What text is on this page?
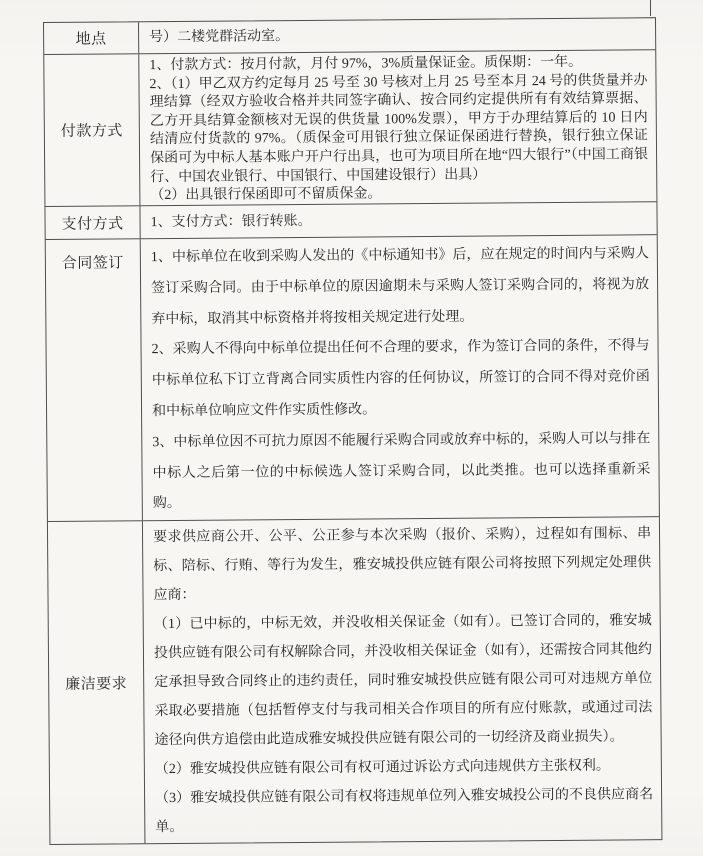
地点	号）二楼党群活动室。

付款方式

1、付款方式：按月付款，月付 97%，3%质量保证金。质保期：一年。

2、（1）甲乙双方约定每月 25 号至 30 号核对上月 25 号至本月 24 号的供货量并办理结算（经双方验收合格并共同签字确认、按合同约定提供所有有效结算票据、乙方开具结算金额核对无误的供货量 100%发票），甲方于办理结算后的 10 日内结清应付货款的 97%。（质保金可用银行独立保证保函进行替换，银行独立保证保函可为中标人基本账户开户行出具，也可为项目所在地“四大银行”（中国工商银行、中国农业银行、中国银行、中国建设银行）出具）

（2）出具银行保函即可不留质保金。

支付方式 1、支付方式：银行转账。

合同签订 1、中标单位在收到采购人发出的《中标通知书》后，应在规定的时间内与采购人签订采购合同。由于中标单位的原因逾期未与采购人签订采购合同的，将视为放弃中标，取消其中标资格并将按相关规定进行处理。

2、采购人不得向中标单位提出任何不合理的要求，作为签订合同的条件，不得与中标单位私下订立背离合同实质性内容的任何协议，所签订的合同不得对竞价函和中标单位响应文件作实质性修改。

3、中标单位因不可抗力原因不能履行采购合同或放弃中标的，采购人可以与排在中标人之后第一位的中标候选人签订采购合同，以此类推。也可以选择重新采购。

廉洁要求

要求供应商公开、公平、公正参与本次采购（报价、采购），过程如有围标、串标、陪标、行贿、等行为发生，雅安城投供应链有限公司将按照下列规定处理供应商：

（1）已中标的，中标无效，并没收相关保证金（如有）。已签订合同的，雅安城投供应链有限公司有权解除合同，并没收相关保证金（如有），还需按合同其他约定承担导致合同终止的违约责任，同时雅安城投供应链有限公司可对违规方单位采取必要措施（包括暂停支付与我司相关合作项目的所有应付账款，或通过司法途径向供方追偿由此造成雅安城投供应链有限公司的一切经济及商业损失）。

（2）雅安城投供应链有限公司有权可通过诉讼方式向违规供方主张权利。

（3）雅安城投供应链有限公司有权将违规单位列入雅安城投公司的不良供应商名单。
